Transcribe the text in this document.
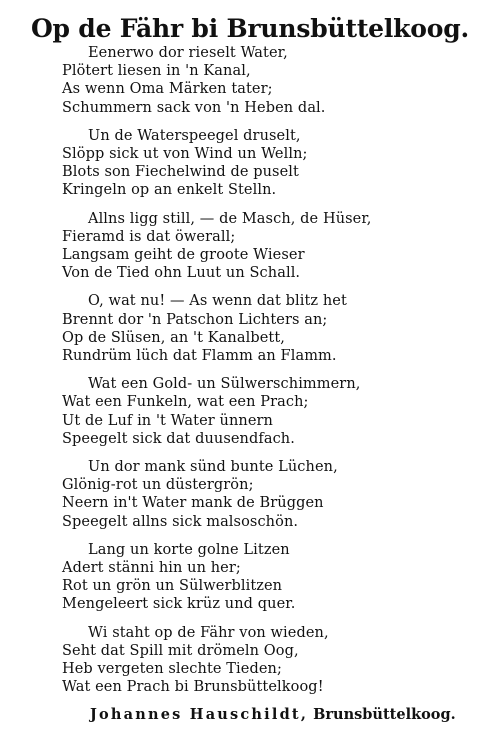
Op de Fähr bi Brunsbüttelkoog.
Eenerwo dor rieselt Water,
Plötert liesen in 'n Kanal,
As wenn Oma Märken tater;
Schummern sack von 'n Heben dal.
Un de Waterspeegel druselt,
Slöpp sick ut von Wind un Welln;
Blots son Fiechelwind de puselt
Kringeln op an enkelt Stelln.
Allns ligg still, — de Masch, de Hüser,
Fieramd is dat öwerall;
Langsam geiht de groote Wieser
Von de Tied ohn Luut un Schall.
O, wat nu! — As wenn dat blitz het
Brennt dor 'n Patschon Lichters an;
Op de Slüsen, an 't Kanalbett,
Rundrüm lüch dat Flamm an Flamm.
Wat een Gold- un Sülwerschimmern,
Wat een Funkeln, wat een Prach;
Ut de Luf in 't Water ünnern
Speegelt sick dat duusendfach.
Un dor mank sünd bunte Lüchen,
Glönig-rot un düstergrön;
Neern in't Water mank de Brüggen
Speegelt allns sick malsoschön.
Lang un korte golne Litzen
Adert stänni hin un her;
Rot un grön un Sülwerblitzen
Mengeleert sick krüz und quer.
Wi staht op de Fähr von wieden,
Seht dat Spill mit drömeln Oog,
Heb vergeten slechte Tieden;
Wat een Prach bi Brunsbüttelkoog!
Johannes Hauschildt, Brunsbüttelkoog.
